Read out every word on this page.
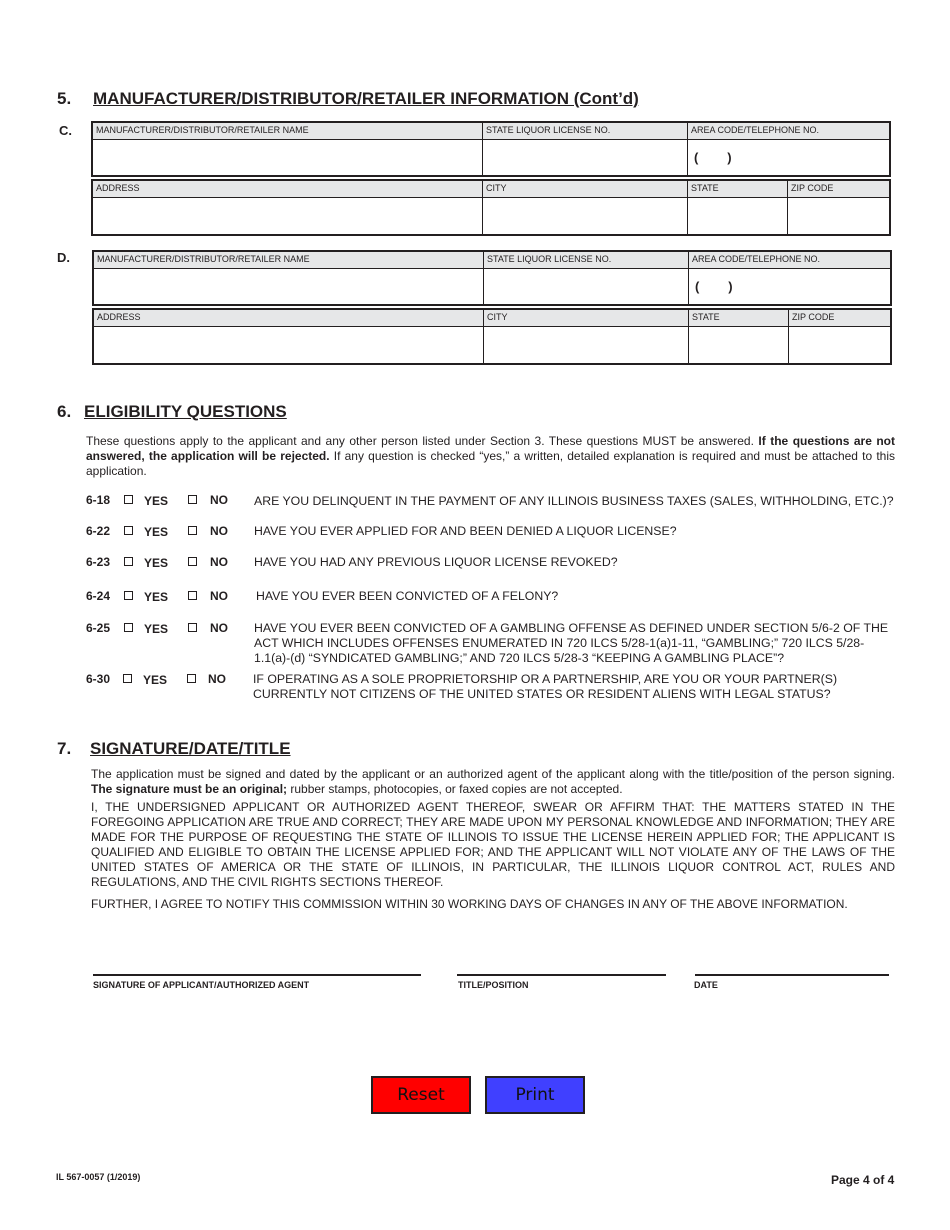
5. MANUFACTURER/DISTRIBUTOR/RETAILER INFORMATION (Cont’d)
C.	MANUFACTURER/DISTRIBUTOR/RETAILER NAME	STATE LIQUOR LICENSE NO.	AREA CODE/TELEPHONE NO.
(        )
ADDRESS	CITY	STATE	ZIP CODE
D.	MANUFACTURER/DISTRIBUTOR/RETAILER NAME	STATE LIQUOR LICENSE NO.	AREA CODE/TELEPHONE NO.
(        )
ADDRESS	CITY	STATE	ZIP CODE
6. ELIGIBILITY QUESTIONS
These questions apply to the applicant and any other person listed under Section 3. These questions MUST be answered. If the questions are not answered, the application will be rejected. If any question is checked “yes,” a written, detailed explanation is required and must be attached to this application.
6-18	YES	NO ARE YOU DELINQUENT IN THE PAYMENT OF ANY ILLINOIS BUSINESS TAXES (SALES, WITHHOLDING, ETC.)?
6-22	YES	NO HAVE YOU EVER APPLIED FOR AND BEEN DENIED A LIQUOR LICENSE?
6-23	YES	NO HAVE YOU HAD ANY PREVIOUS LIQUOR LICENSE REVOKED?
6-24	YES	NO HAVE YOU EVER BEEN CONVICTED OF A FELONY?
6-25	YES	NO HAVE YOU EVER BEEN CONVICTED OF A GAMBLING OFFENSE AS DEFINED UNDER SECTION 5/6-2 OF THE ACT WHICH INCLUDES OFFENSES ENUMERATED IN 720 ILCS 5/28-1(a)1-11, “GAMBLING;” 720 ILCS 5/28-1.1(a)-(d) “SYNDICATED GAMBLING;” AND 720 ILCS 5/28-3 “KEEPING A GAMBLING PLACE”?
6-30	YES	NO IF OPERATING AS A SOLE PROPRIETORSHIP OR A PARTNERSHIP, ARE YOU OR YOUR PARTNER(S) CURRENTLY NOT CITIZENS OF THE UNITED STATES OR RESIDENT ALIENS WITH LEGAL STATUS?
7. SIGNATURE/DATE/TITLE
The application must be signed and dated by the applicant or an authorized agent of the applicant along with the title/position of the person signing. The signature must be an original; rubber stamps, photocopies, or faxed copies are not accepted.
I, THE UNDERSIGNED APPLICANT OR AUTHORIZED AGENT THEREOF, SWEAR OR AFFIRM THAT: THE MATTERS STATED IN THE FOREGOING APPLICATION ARE TRUE AND CORRECT; THEY ARE MADE UPON MY PERSONAL KNOWLEDGE AND INFORMATION; THEY ARE MADE FOR THE PURPOSE OF REQUESTING THE STATE OF ILLINOIS TO ISSUE THE LICENSE HEREIN APPLIED FOR; THE APPLICANT IS QUALIFIED AND ELIGIBLE TO OBTAIN THE LICENSE APPLIED FOR; AND THE APPLICANT WILL NOT VIOLATE ANY OF THE LAWS OF THE UNITED STATES OF AMERICA OR THE STATE OF ILLINOIS, IN PARTICULAR, THE ILLINOIS LIQUOR CONTROL ACT, RULES AND REGULATIONS, AND THE CIVIL RIGHTS SECTIONS THEREOF.
FURTHER, I AGREE TO NOTIFY THIS COMMISSION WITHIN 30 WORKING DAYS OF CHANGES IN ANY OF THE ABOVE INFORMATION.
SIGNATURE OF APPLICANT/AUTHORIZED AGENT	TITLE/POSITION	DATE
Reset	Print
IL 567-0057 (1/2019)	Page 4 of 4
